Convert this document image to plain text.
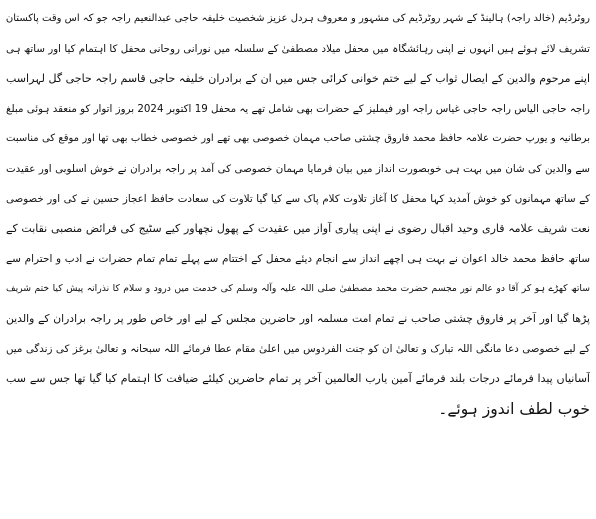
روٹرڈیم (خالد راجہ) ہالینڈ کے شہر روٹرڈیم کی مشہور و معروف ہردل عزیز شخصیت خلیفہ حاجی عبدالنعیم راجہ جو کہ اس وقت پاکستان
تشریف لائے ہوئے ہیں انہوں نے اپنی رہائشگاہ میں محفل میلاد مصطفیٰ کے سلسلہ میں نورانی روحانی محفل کا اہتمام کیا اور ساتھ ہی
اپنے مرحوم والدین کے ایصال ثواب کے لیے ختم خوانی کرائی جس میں ان کے برادران خلیفہ حاجی قاسم راجہ حاجی گل لہراسب
راجہ حاجی الیاس راجہ حاجی غیاس راجہ اور فیملیز کے حضرات بھی شامل تھے یہ محفل 19 اکتوبر 2024 بروز اتوار کو منعقد ہوئی مبلغ
برطانیہ و یورپ حضرت علامہ حافظ محمد فاروق چشتی صاحب مہمان خصوصی بھی تھے اور خصوصی خطاب بھی تھا اور موقع کی مناسبت
سے والدین کی شان میں بہت ہی خوبصورت انداز میں بیان فرمایا مہمان خصوصی کی آمد پر راجہ برادران نے خوش اسلوبی اور عقیدت
کے ساتھ مہمانوں کو خوش آمدید کہا محفل کا آغاز تلاوت کلام پاک سے کیا گیا تلاوت کی سعادت حافظ اعجاز حسین نے کی اور خصوصی
نعت شریف علامہ قاری وحید اقبال رضوی نے اپنی پیاری آواز میں عقیدت کے پھول نچھاور کیے سٹیج کی فرائض منصبی نقابت کے
ساتھ حافظ محمد خالد اعوان نے بہت ہی اچھے انداز سے انجام دیئے محفل کے اختتام سے پہلے تمام تمام حضرات نے ادب و احترام سے
ساتھ کھڑے ہو کر آقا دو عالم نور مجسم حضرت محمد مصطفیٰ صلی اللہ علیہ وآلہ وسلم کی خدمت میں درود و سلام کا نذرانہ پیش کیا ختم شریف
پڑھا گیا اور آخر پر فاروق چشتی صاحب نے تمام امت مسلمہ اور حاضرین مجلس کے لیے اور خاص طور پر راجہ برادران کے والدین
کے لیے خصوصی دعا مانگی اللہ تبارک و تعالیٰ ان کو جنت الفردوس میں اعلیٰ مقام عطا فرمائے اللہ سبحانہ و تعالیٰ برغز کی زندگی میں
آسانیاں پیدا فرمائے درجات بلند فرمائے آمین یارب العالمین آخر پر تمام حاضرین کیلئے ضیافت کا اہتمام کیا گیا تھا جس سے سب
خوب لطف اندوز ہوئے۔
